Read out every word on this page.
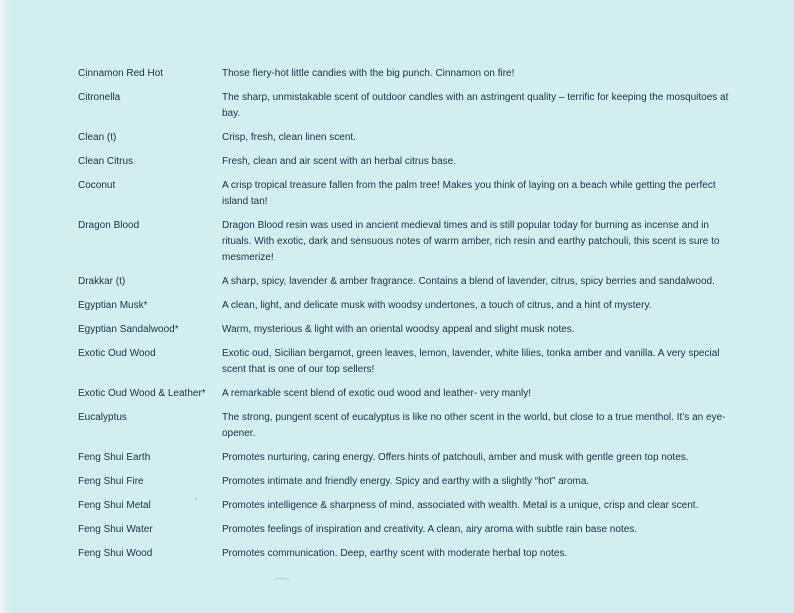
Cinnamon Red Hot	Those fiery-hot little candies with the big punch. Cinnamon on fire!
Citronella	The sharp, unmistakable scent of outdoor candles with an astringent quality – terrific for keeping the mosquitoes at bay.
Clean (t)	Crisp, fresh, clean linen scent.
Clean Citrus	Fresh, clean and air scent with an herbal citrus base.
Coconut	A crisp tropical treasure fallen from the palm tree! Makes you think of laying on a beach while getting the perfect island tan!
Dragon Blood	Dragon Blood resin was used in ancient medieval times and is still popular today for burning as incense and in rituals. With exotic, dark and sensuous notes of warm amber, rich resin and earthy patchouli, this scent is sure to mesmerize!
Drakkar (t)	A sharp, spicy, lavender & amber fragrance. Contains a blend of lavender, citrus, spicy berries and sandalwood.
Egyptian Musk*	A clean, light, and delicate musk with woodsy undertones, a touch of citrus, and a hint of mystery.
Egyptian Sandalwood*	Warm, mysterious & light with an oriental woodsy appeal and slight musk notes.
Exotic Oud Wood	Exotic oud, Sicilian bergamot, green leaves, lemon, lavender, white lilies, tonka amber and vanilla. A very special scent that is one of our top sellers!
Exotic Oud Wood & Leather*	A remarkable scent blend of exotic oud wood and leather- very manly!
Eucalyptus	The strong, pungent scent of eucalyptus is like no other scent in the world, but close to a true menthol. It’s an eye-opener.
Feng Shui Earth	Promotes nurturing, caring energy. Offers hints of patchouli, amber and musk with gentle green top notes.
Feng Shui Fire	Promotes intimate and friendly energy. Spicy and earthy with a slightly “hot” aroma.
Feng Shui Metal	Promotes intelligence & sharpness of mind, associated with wealth. Metal is a unique, crisp and clear scent.
Feng Shui Water	Promotes feelings of inspiration and creativity. A clean, airy aroma with subtle rain base notes.
Feng Shui Wood	Promotes communication. Deep, earthy scent with moderate herbal top notes.
